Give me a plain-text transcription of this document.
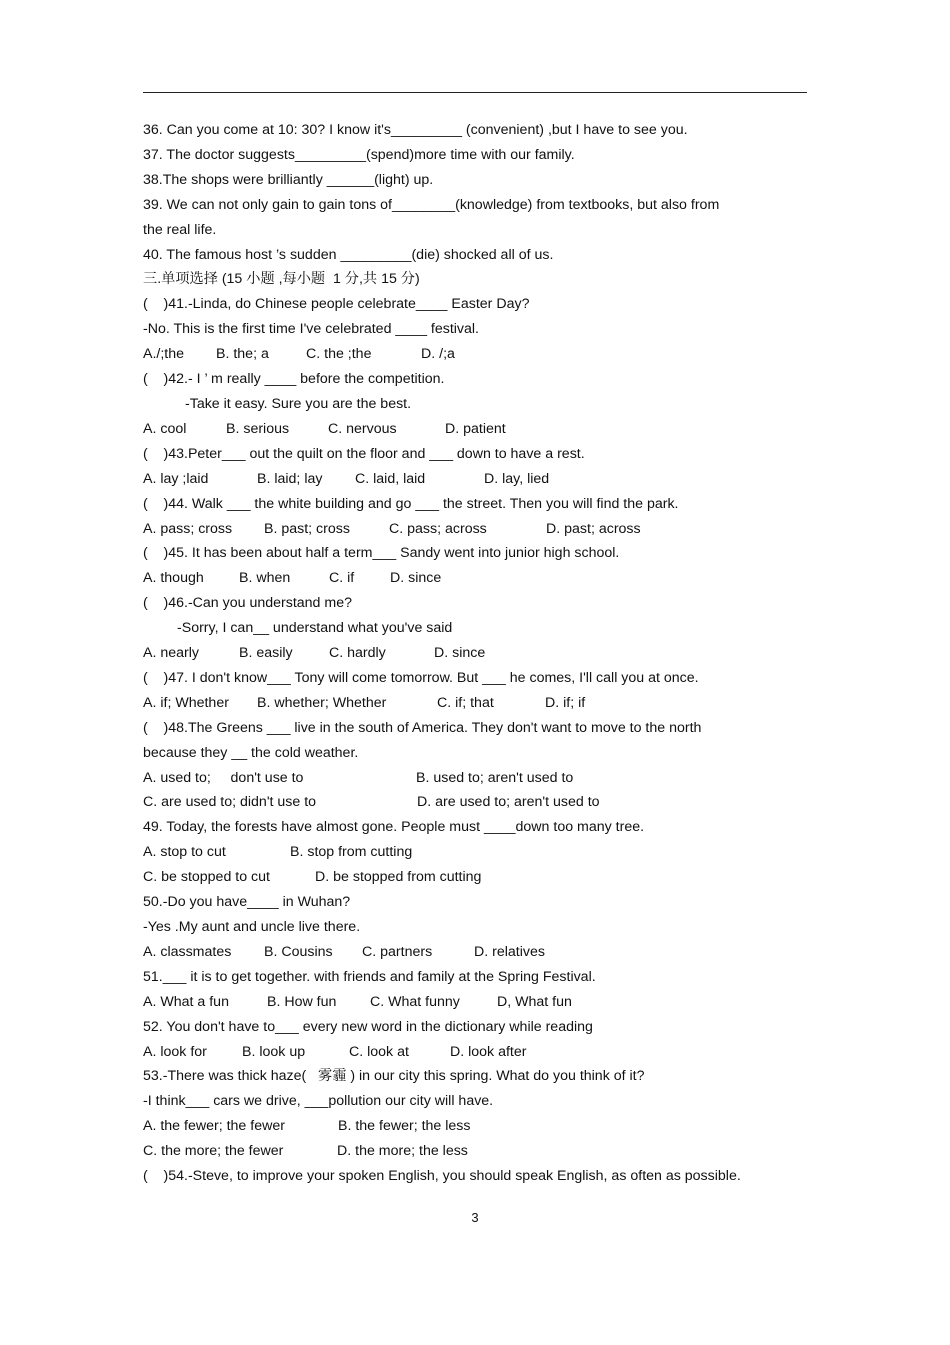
36. Can you come at 10: 30? I know it's_________ (convenient) ,but I have to see you.
37. The doctor suggests_________(spend)more time with our family.
38.The shops were brilliantly ______(light) up.
39. We can not only gain to gain tons of________(knowledge) from textbooks, but also from
the real life.
40. The famous host ’s sudden _________(die) shocked all of us.
三.单项选择 (15 小题 ,每小题  1 分,共 15 分)
(    )41.-Linda, do Chinese people celebrate____ Easter Day?
-No. This is the first time I've celebrated ____ festival.

A./;the

B. the; a

	C. the ;the

	D. /;a

(    )42.- I ’ m really ____ before the competition.
-Take it easy. Sure you are the best.

A. cool

	B. serious

	C. nervous

	D. patient

(    )43.Peter___ out the quilt on the floor and ___ down to have a rest.

A. lay ;laid

	B. laid; lay

C. laid, laid

	D. lay, lied

(    )44. Walk ___ the white building and go ___ the street. Then you will find the park.

A. pass; cross

B. past; cross

	C. pass; across

	D. past; across

(    )45. It has been about half a term___ Sandy went into junior high school.

A. though

B. when

	C. if

	D. since

(    )46.-Can you understand me?
-Sorry, I can__ understand what you've said

A. nearly

	B. easily

	C. hardly

	D. since

(    )47. I don't know___ Tony will come tomorrow. But ___ he comes, I'll call you at once.

A. if; Whether

B. whether; Whether

	C. if; that

	D. if; if

(    )48.The Greens ___ live in the south of America. They don't want to move to the north
because they __ the cold weather.

A. used to;     don't use to

	B. used to; aren't used to

C. are used to; didn't use to

	D. are used to; aren't used to

49. Today, the forests have almost gone. People must ____down too many tree.

A. stop to cut

	B. stop from cutting

C. be stopped to cut

	D. be stopped from cutting

50.-Do you have____ in Wuhan?
-Yes .My aunt and uncle live there.

A. classmates

B. Cousins

C. partners

	D. relatives

51.___ it is to get together. with friends and family at the Spring Festival.

A. What a fun

	B. How fun

C. What funny

	D, What fun

52. You don't have to___ every new word in the dictionary while reading

A. look for

B. look up

	C. look at

	D. look after

53.-There was thick haze(   雾霾 ) in our city this spring. What do you think of it?
-I think___ cars we drive, ___pollution our city will have.

A. the fewer; the fewer

	B. the fewer; the less

C. the more; the fewer

	D. the more; the less

(    )54.-Steve, to improve your spoken English, you should speak English, as often as possible.
3
